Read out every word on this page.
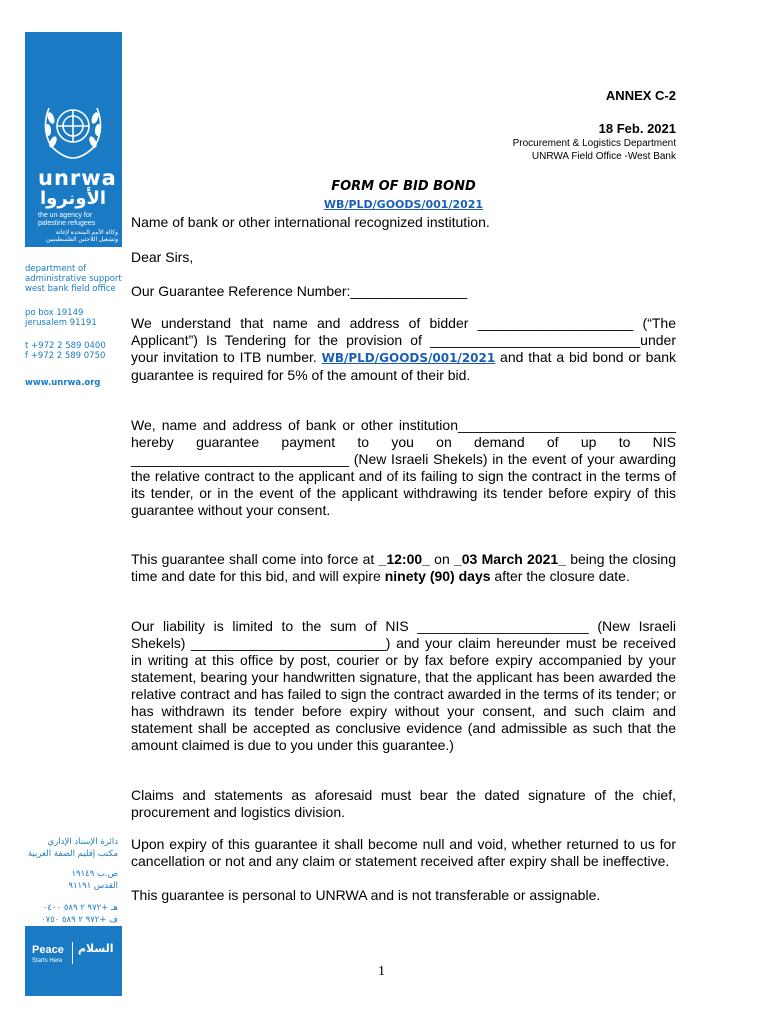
unrwa
الأونروا
the un agency for palestine refugees
وكالة الأمم المتحدة لإغاثة وتشغيل اللاجئين الفلسطينيين
department of
administrative support
west bank field office
po box 19149
jerusalem 91191
t +972 2 589 0400
f +972 2 589 0750
www.unrwa.org
دائرة الإسناد الإداري
مكتب إقليم الضفة الغربية
ص.ب ١٩١٤٩
القدس ٩١١٩١
هـ +٩٧٢ ٢ ٥٨٩ ٠٤٠٠
ف +٩٧٢ ٢ ٥٨٩ ٠٧٥٠
Peace
Starts Here
السلام
ANNEX C-2
18 Feb. 2021
Procurement & Logistics Department
UNRWA Field Office -West Bank
FORM OF BID BOND
WB/PLD/GOODS/001/2021

Name of bank or other international recognized institution.

Dear Sirs,

Our Guarantee Reference Number:_______________

We understand that name and address of bidder ____________________ (“The Applicant”) Is Tendering for the provision of ___________________________under your invitation to ITB number. WB/PLD/GOODS/001/2021 and that a bid bond or bank guarantee is required for 5% of the amount of their bid.

We, name and address of bank or other institution____________________________ hereby guarantee payment to you on demand of up to NIS ____________________________ (New Israeli Shekels) in the event of your awarding the relative contract to the applicant and of its failing to sign the contract in the terms of its tender, or in the event of the applicant withdrawing its tender before expiry of this guarantee without your consent.

This guarantee shall come into force at _12:00_ on _03 March 2021_ being the closing time and date for this bid, and will expire ninety (90) days after the closure date.

Our liability is limited to the sum of NIS ______________________ (New Israeli Shekels) _________________________) and your claim hereunder must be received in writing at this office by post, courier or by fax before expiry accompanied by your statement, bearing your handwritten signature, that the applicant has been awarded the relative contract and has failed to sign the contract awarded in the terms of its tender; or has withdrawn its tender before expiry without your consent, and such claim and statement shall be accepted as conclusive evidence (and admissible as such that the amount claimed is due to you under this guarantee.)

Claims and statements as aforesaid must bear the dated signature of the chief, procurement and logistics division.

Upon expiry of this guarantee it shall become null and void, whether returned to us for cancellation or not and any claim or statement received after expiry shall be ineffective.

This guarantee is personal to UNRWA and is not transferable or assignable.

1
